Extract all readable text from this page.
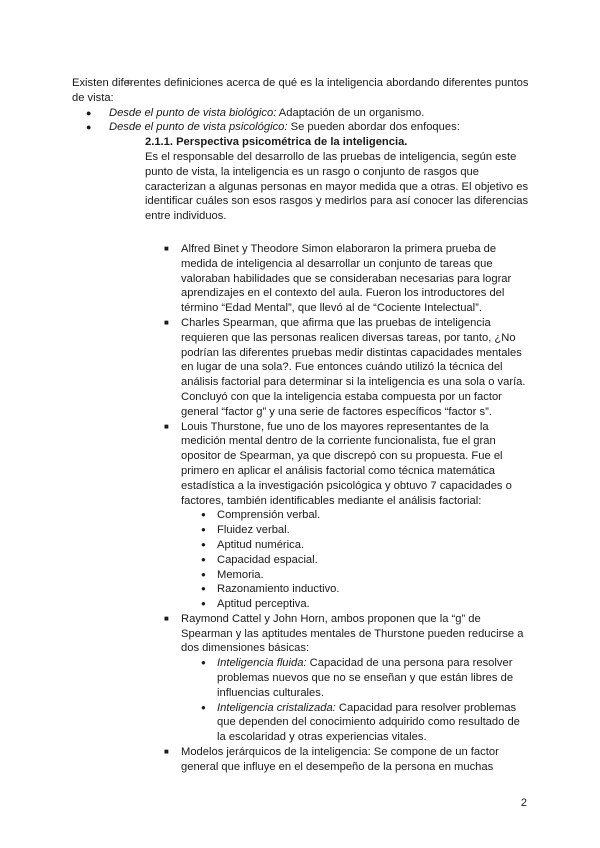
Existen diferentes definiciones acerca de qué es la inteligencia abordando diferentes puntos de vista:

● Desde el punto de vista biológico: Adaptación de un organismo.
● Desde el punto de vista psicológico: Se pueden abordar dos enfoques:

○ 2.1.1. Perspectiva psicométrica de la inteligencia.

Es el responsable del desarrollo de las pruebas de inteligencia, según este punto de vista, la inteligencia es un rasgo o conjunto de rasgos que caracterizan a algunas personas en mayor medida que a otras. El objetivo es identificar cuáles son esos rasgos y medirlos para así conocer las diferencias entre individuos.

■ Alfred Binet y Theodore Simon elaboraron la primera prueba de medida de inteligencia al desarrollar un conjunto de tareas que valoraban habilidades que se consideraban necesarias para lograr aprendizajes en el contexto del aula. Fueron los introductores del término “Edad Mental”, que llevó al de “Cociente Intelectual”.
■ Charles Spearman, que afirma que las pruebas de inteligencia requieren que las personas realicen diversas tareas, por tanto, ¿No podrían las diferentes pruebas medir distintas capacidades mentales en lugar de una sola?. Fue entonces cuándo utilizó la técnica del análisis factorial para determinar si la inteligencia es una sola o varía. Concluyó con que la inteligencia estaba compuesta por un factor general “factor g” y una serie de factores específicos “factor s”.
■ Louis Thurstone, fue uno de los mayores representantes de la medición mental dentro de la corriente funcionalista, fue el gran opositor de Spearman, ya que discrepó con su propuesta. Fue el primero en aplicar el análisis factorial como técnica matemática estadística a la investigación psicológica y obtuvo 7 capacidades o factores, también identificables mediante el análisis factorial:
● Comprensión verbal.
● Fluidez verbal.
● Aptitud numérica.
● Capacidad espacial.
● Memoria.
● Razonamiento inductivo.
● Aptitud perceptiva.
■ Raymond Cattel y John Horn, ambos proponen que la “g” de Spearman y las aptitudes mentales de Thurstone pueden reducirse a dos dimensiones básicas:
● Inteligencia fluida: Capacidad de una persona para resolver problemas nuevos que no se enseñan y que están libres de influencias culturales.
● Inteligencia cristalizada: Capacidad para resolver problemas que dependen del conocimiento adquirido como resultado de la escolaridad y otras experiencias vitales.
■ Modelos jerárquicos de la inteligencia: Se compone de un factor general que influye en el desempeño de la persona en muchas
2
